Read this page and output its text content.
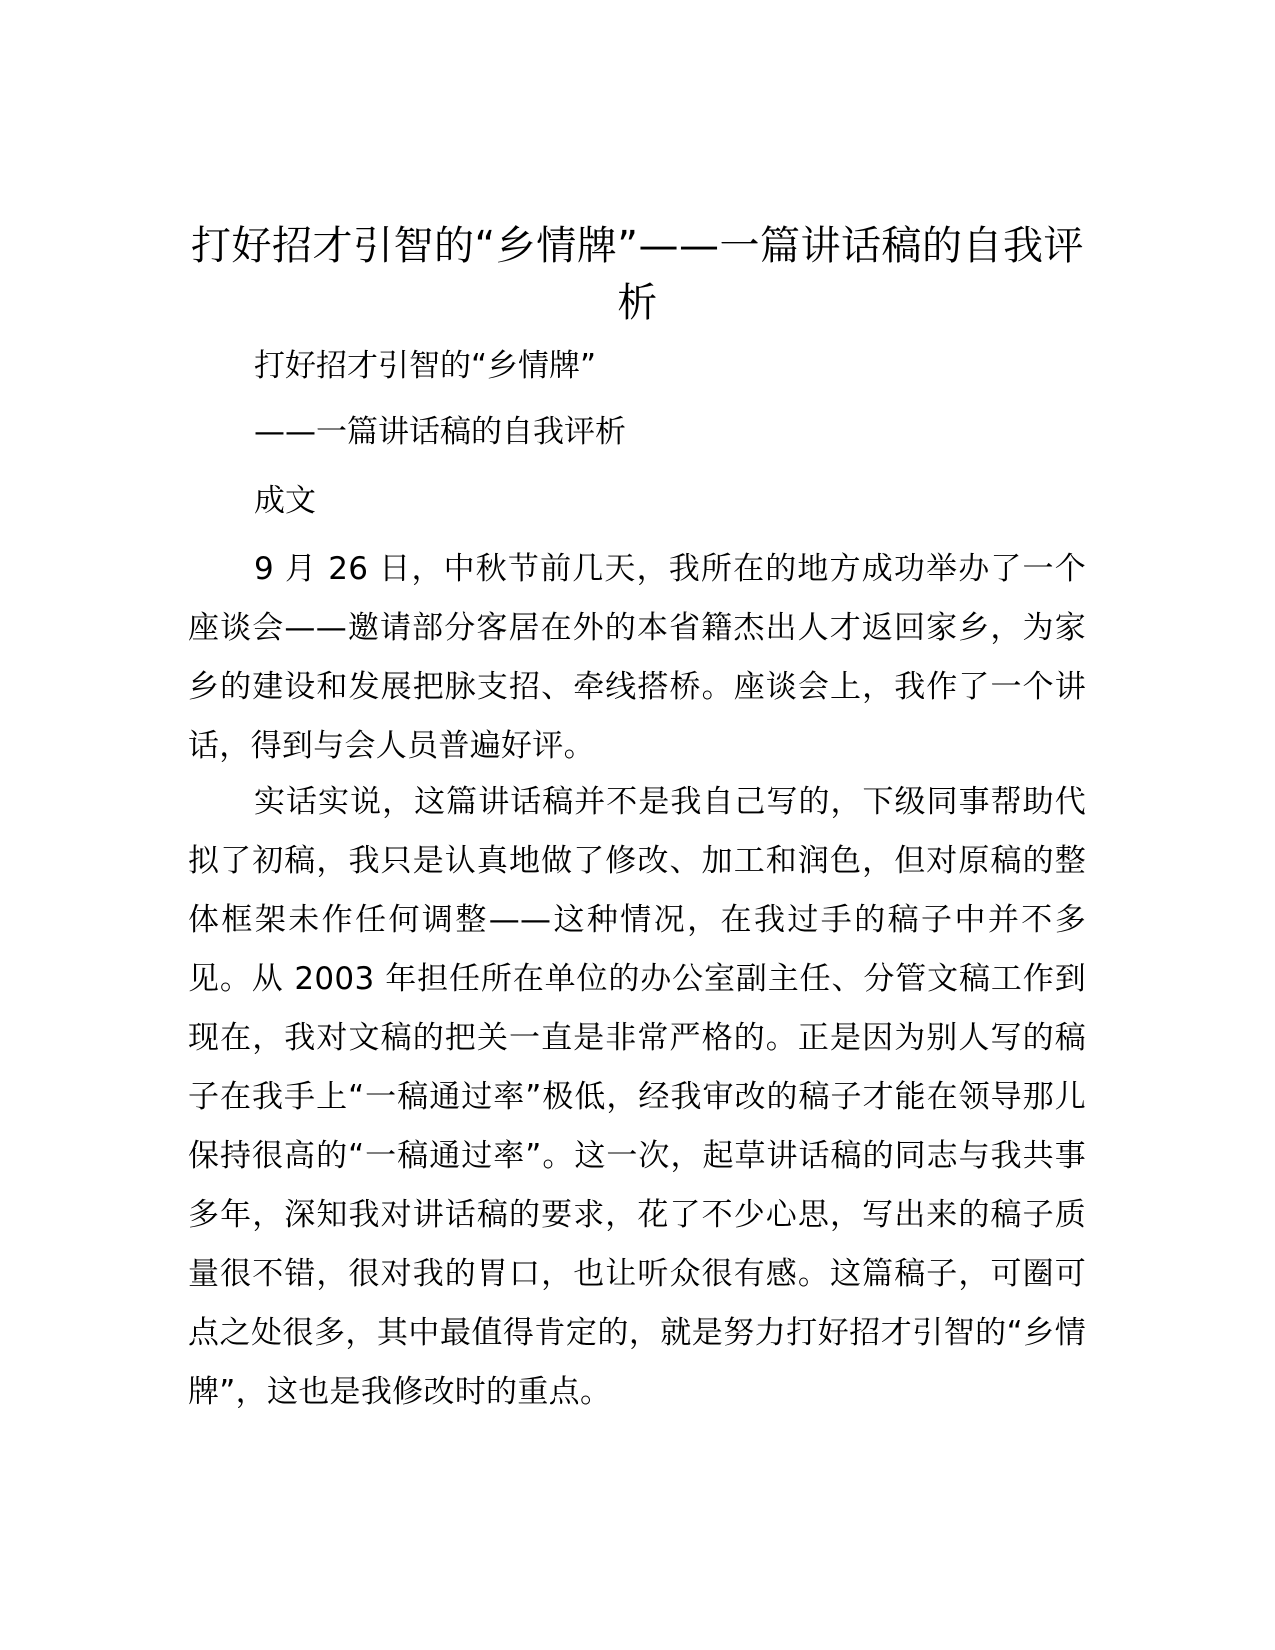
打好招才引智的“乡情牌”——一篇讲话稿的自我评析

打好招才引智的“乡情牌”

——一篇讲话稿的自我评析

成文

9 月 26 日，中秋节前几天，我所在的地方成功举办了一个座谈会——邀请部分客居在外的本省籍杰出人才返回家乡，为家乡的建设和发展把脉支招、牵线搭桥。座谈会上，我作了一个讲话，得到与会人员普遍好评。

实话实说，这篇讲话稿并不是我自己写的，下级同事帮助代拟了初稿，我只是认真地做了修改、加工和润色，但对原稿的整体框架未作任何调整——这种情况，在我过手的稿子中并不多见。从 2003 年担任所在单位的办公室副主任、分管文稿工作到现在，我对文稿的把关一直是非常严格的。正是因为别人写的稿子在我手上“一稿通过率”极低，经我审改的稿子才能在领导那儿保持很高的“一稿通过率”。这一次，起草讲话稿的同志与我共事多年，深知我对讲话稿的要求，花了不少心思，写出来的稿子质量很不错，很对我的胃口，也让听众很有感。这篇稿子，可圈可点之处很多，其中最值得肯定的，就是努力打好招才引智的“乡情牌”，这也是我修改时的重点。
